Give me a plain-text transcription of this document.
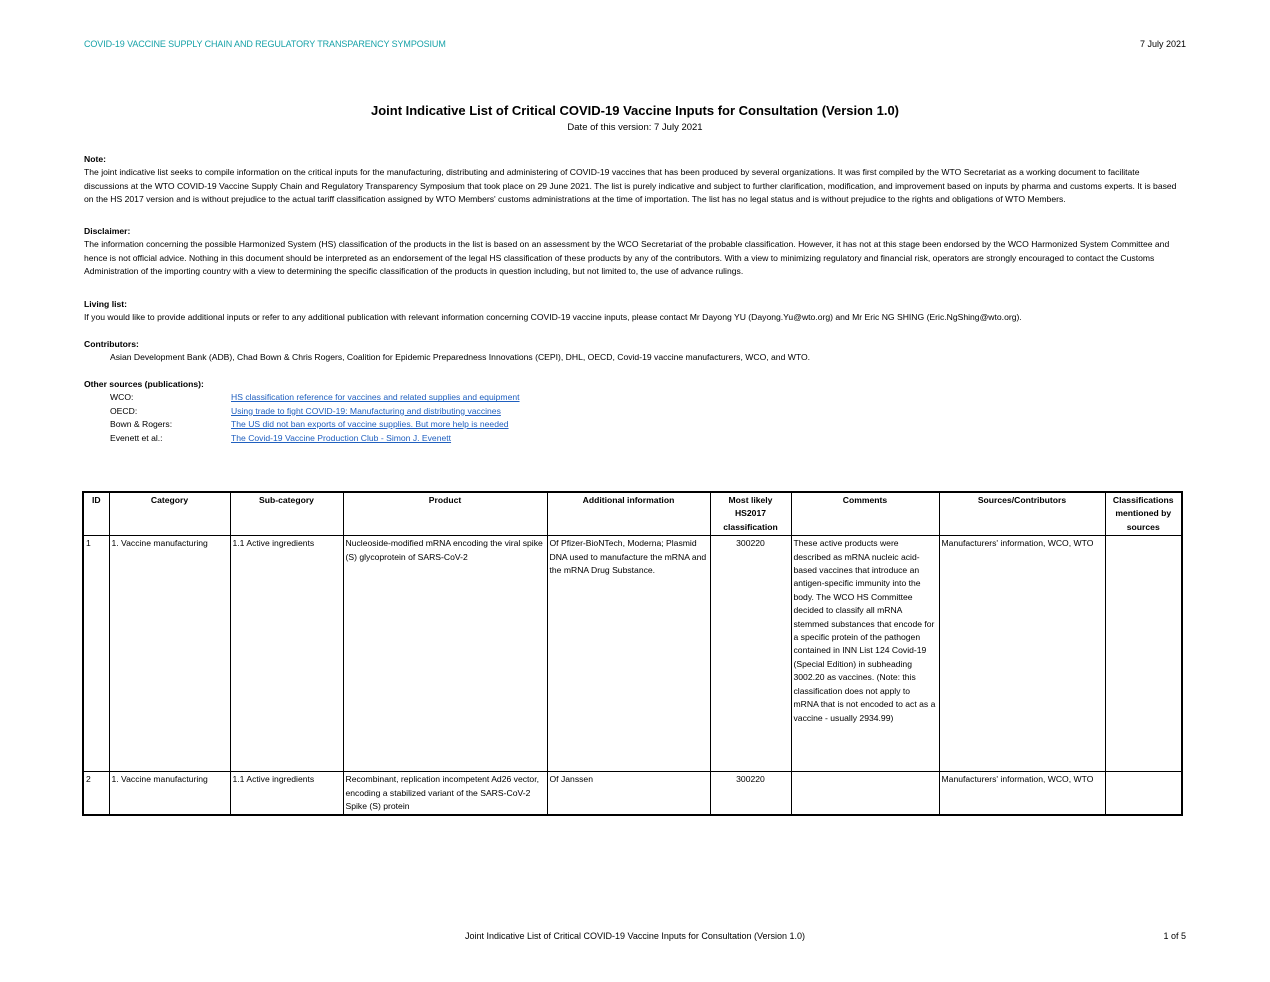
COVID-19 VACCINE SUPPLY CHAIN AND REGULATORY TRANSPARENCY SYMPOSIUM	7 July 2021
Joint Indicative List of Critical COVID-19 Vaccine Inputs for Consultation (Version 1.0)
Date of this version: 7 July 2021
Note:
The joint indicative list seeks to compile information on the critical inputs for the manufacturing, distributing and administering of COVID-19 vaccines that has been produced by several organizations. It was first compiled by the WTO Secretariat as a working document to facilitate discussions at the WTO COVID-19 Vaccine Supply Chain and Regulatory Transparency Symposium that took place on 29 June 2021. The list is purely indicative and subject to further clarification, modification, and improvement based on inputs by pharma and customs experts. It is based on the HS 2017 version and is without prejudice to the actual tariff classification assigned by WTO Members' customs administrations at the time of importation. The list has no legal status and is without prejudice to the rights and obligations of WTO Members.
Disclaimer:
The information concerning the possible Harmonized System (HS) classification of the products in the list is based on an assessment by the WCO Secretariat of the probable classification. However, it has not at this stage been endorsed by the WCO Harmonized System Committee and hence is not official advice. Nothing in this document should be interpreted as an endorsement of the legal HS classification of these products by any of the contributors. With a view to minimizing regulatory and financial risk, operators are strongly encouraged to contact the Customs Administration of the importing country with a view to determining the specific classification of the products in question including, but not limited to, the use of advance rulings.
Living list:
If you would like to provide additional inputs or refer to any additional publication with relevant information concerning COVID-19 vaccine inputs, please contact Mr Dayong YU (Dayong.Yu@wto.org) and Mr Eric NG SHING (Eric.NgShing@wto.org).
Contributors:
Asian Development Bank (ADB), Chad Bown & Chris Rogers, Coalition for Epidemic Preparedness Innovations (CEPI), DHL, OECD, Covid-19 vaccine manufacturers, WCO, and WTO.
Other sources (publications):
WCO:	HS classification reference for vaccines and related supplies and equipment
OECD:	Using trade to fight COVID-19: Manufacturing and distributing vaccines
Bown & Rogers:	The US did not ban exports of vaccine supplies. But more help is needed
Evenett et al.:	The Covid-19 Vaccine Production Club - Simon J. Evenett
ID	Category	Sub-category	Product	Additional information	Most likely HS2017 classification	Comments	Sources/Contributors	Classifications mentioned by sources
1	1. Vaccine manufacturing	1.1 Active ingredients	Nucleoside-modified mRNA encoding the viral spike (S) glycoprotein of SARS-CoV-2	Of Pfizer-BioNTech, Moderna; Plasmid DNA used to manufacture the mRNA and the mRNA Drug Substance.	300220	These active products were described as mRNA nucleic acid-based vaccines that introduce an antigen-specific immunity into the body. The WCO HS Committee decided to classify all mRNA stemmed substances that encode for a specific protein of the pathogen contained in INN List 124 Covid-19 (Special Edition) in subheading 3002.20 as vaccines. (Note: this classification does not apply to mRNA that is not encoded to act as a vaccine - usually 2934.99)	Manufacturers' information, WCO, WTO	
2	1. Vaccine manufacturing	1.1 Active ingredients	Recombinant, replication incompetent Ad26 vector, encoding a stabilized variant of the SARS-CoV-2 Spike (S) protein	Of Janssen	300220		Manufacturers' information, WCO, WTO	
Joint Indicative List of Critical COVID-19 Vaccine Inputs for Consultation (Version 1.0)	1 of 5
